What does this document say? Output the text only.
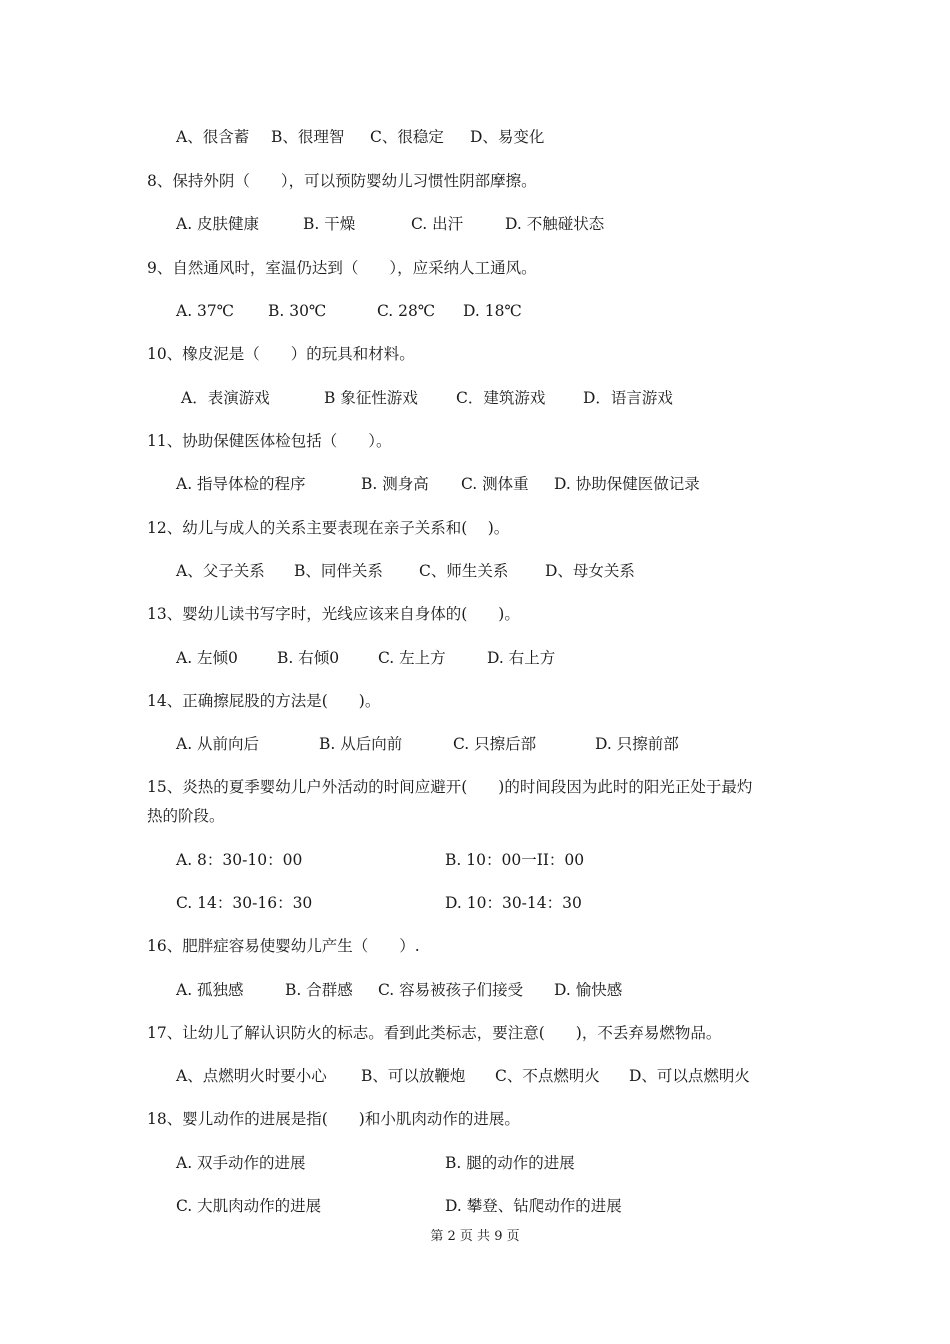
A、很含蓄 B、很理智 C、很稳定 D、易变化
8、保持外阴（　　），可以预防婴幼儿习惯性阴部摩擦。
A. 皮肤健康	B. 干燥	C. 出汗	D. 不触碰状态
9、自然通风时，室温仍达到（　　），应采纳人工通风。
A. 37℃ B. 30℃	C. 28℃ D. 18℃
10、橡皮泥是（　　）的玩具和材料。
A．表演游戏	B 象征性游戏 C．建筑游戏 D．语言游戏
11、协助保健医体检包括（　　）。
A. 指导体检的程序	B. 测身高 C. 测体重 D. 协助保健医做记录
12、幼儿与成人的关系主要表现在亲子关系和(　 )。
A、父子关系 B、同伴关系 C、师生关系 D、母女关系
13、婴幼儿读书写字时，光线应该来自身体的(　　)。
A. 左倾0	B. 右倾0	C. 左上方	D. 右上方
14、正确擦屁股的方法是(　　)。
A. 从前向后	B. 从后向前	C. 只擦后部	D. 只擦前部
15、炎热的夏季婴幼儿户外活动的时间应避开(　　)的时间段因为此时的阳光正处于最灼
热的阶段。
A. 8：30-10：00	B. 10：00一II：00
C. 14：30-16：30	D. 10：30-14：30
16、肥胖症容易使婴幼儿产生（　　）.
A. 孤独感	B. 合群感 C. 容易被孩子们接受 D. 愉快感
17、让幼儿了解认识防火的标志。看到此类标志，要注意(　　)，不丢弃易燃物品。
A、点燃明火时要小心 B、可以放鞭炮 C、不点燃明火 D、可以点燃明火
18、婴儿动作的进展是指(　　)和小肌肉动作的进展。
A. 双手动作的进展	B. 腿的动作的进展
C. 大肌肉动作的进展	D. 攀登、钻爬动作的进展
第 2 页 共 9 页
